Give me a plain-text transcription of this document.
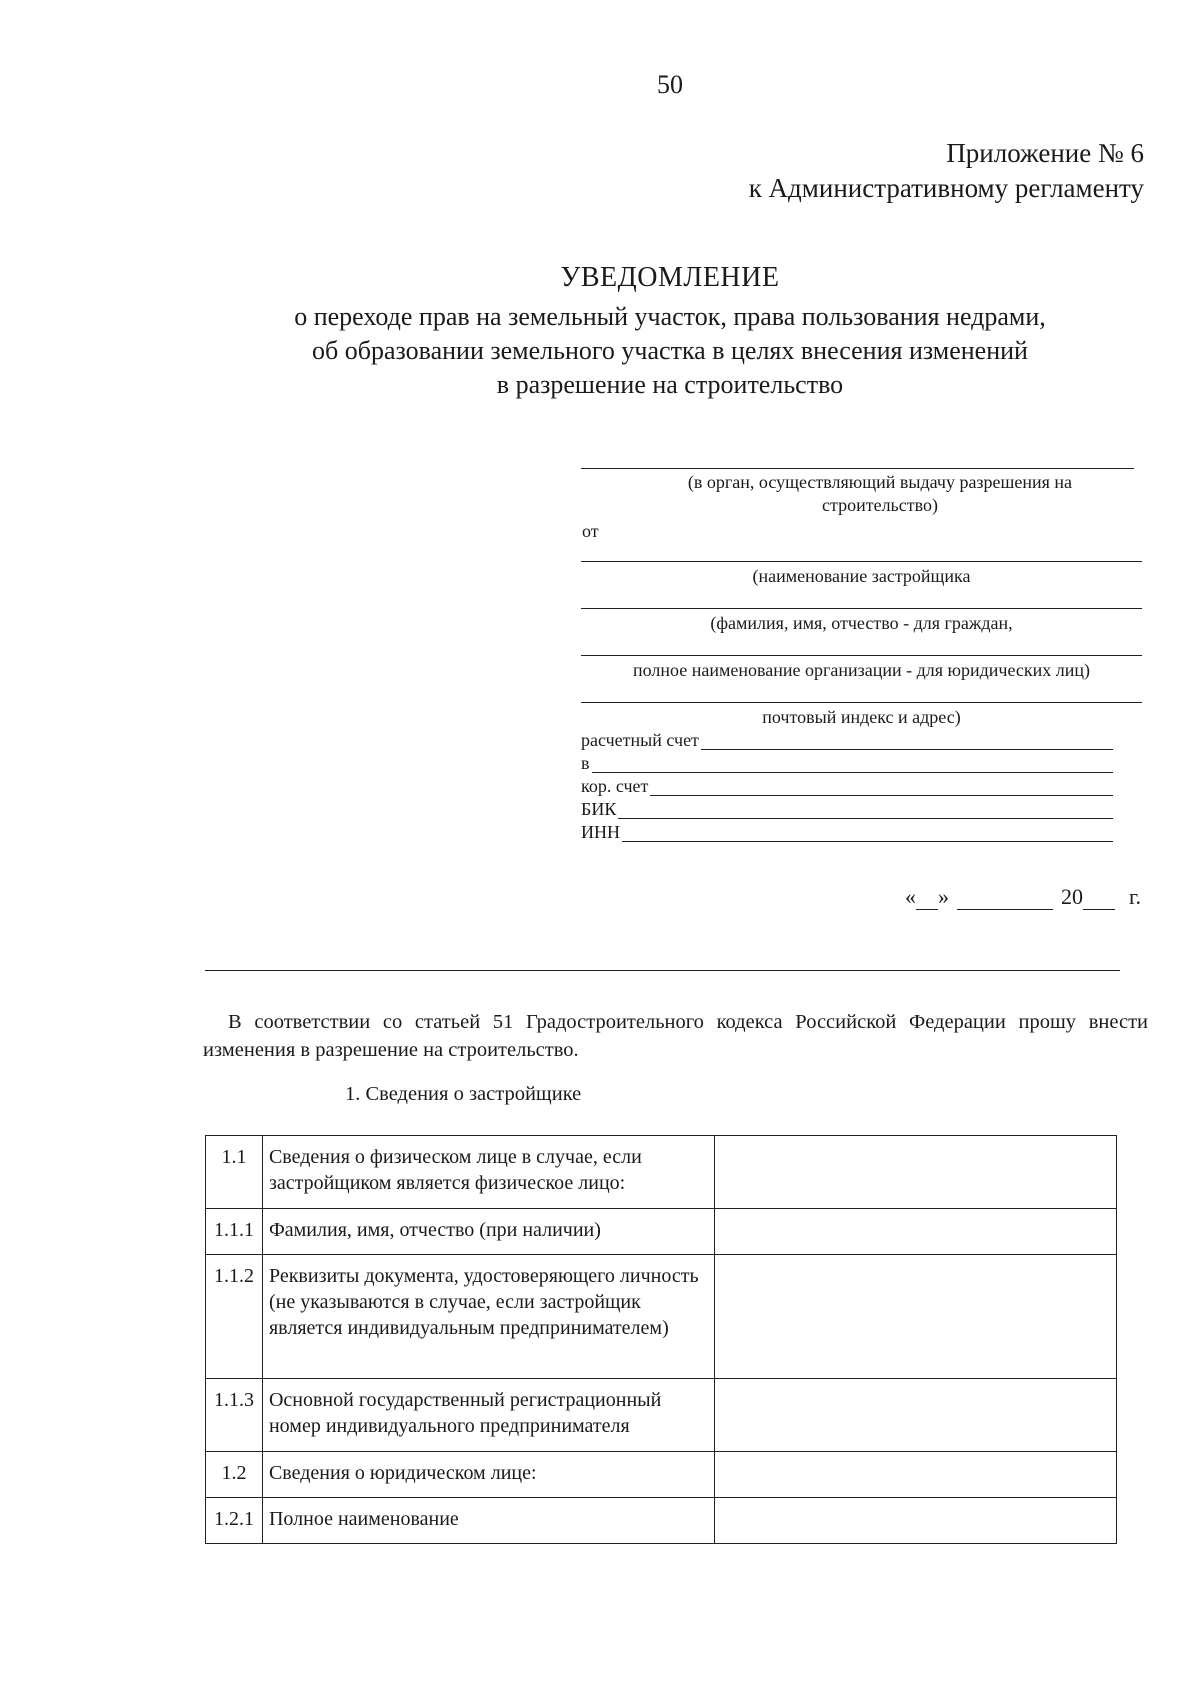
50
Приложение № 6
к Административному регламенту
УВЕДОМЛЕНИЕ
о переходе прав на земельный участок, права пользования недрами,
об образовании земельного участка в целях внесения изменений
в разрешение на строительство
(в орган, осуществляющий выдачу разрешения на
строительство)
от
(наименование застройщика
(фамилия, имя, отчество - для граждан,
полное наименование организации - для юридических лиц)
почтовый индекс и адрес)
расчетный счет
в
кор. счет
БИК
ИНН
« »	20 г.
В соответствии со статьей 51 Градостроительного кодекса Российской Федерации прошу внести изменения в разрешение на строительство.
1. Сведения о застройщике
1.1	Сведения о физическом лице в случае, если застройщиком является физическое лицо:	
1.1.1	Фамилия, имя, отчество (при наличии)	
1.1.2	Реквизиты документа, удостоверяющего личность (не указываются в случае, если застройщик является индивидуальным предпринимателем)	
1.1.3	Основной государственный регистрационный номер индивидуального предпринимателя	
1.2	Сведения о юридическом лице:	
1.2.1	Полное наименование	
